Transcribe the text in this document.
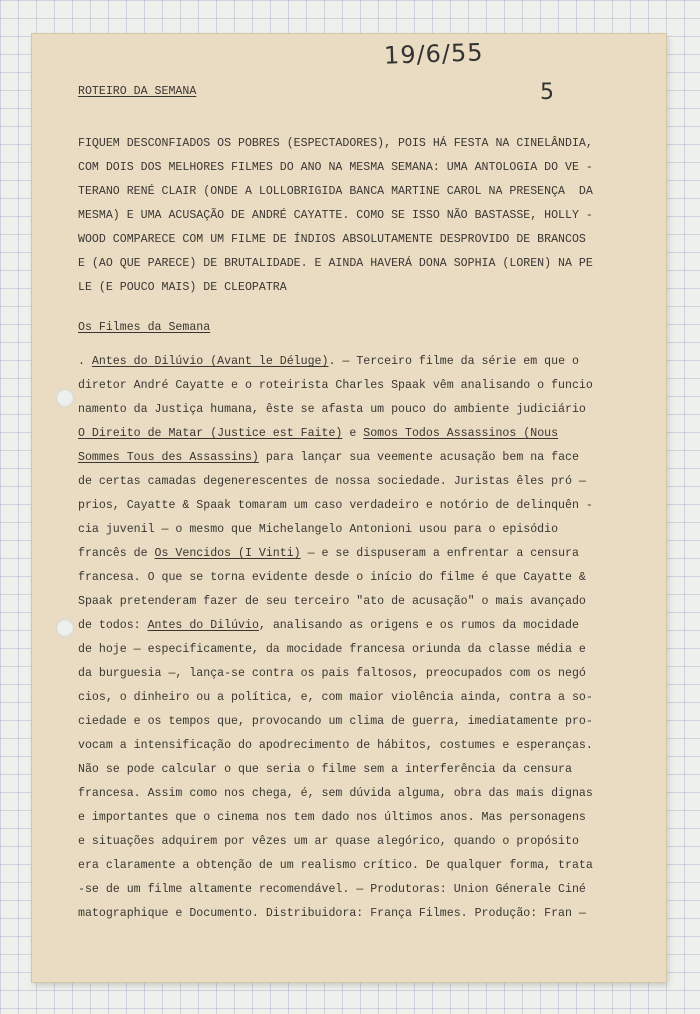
19/6/55
5

ROTEIRO DA SEMANA

FIQUEM DESCONFIADOS OS POBRES (ESPECTADORES), POIS HÁ FESTA NA CINELÂNDIA,

COM DOIS DOS MELHORES FILMES DO ANO NA MESMA SEMANA: UMA ANTOLOGIA DO VE -

TERANO RENÉ CLAIR (ONDE A LOLLOBRIGIDA BANCA MARTINE CAROL NA PRESENÇA  DA

MESMA) E UMA ACUSAÇÃO DE ANDRÉ CAYATTE. COMO SE ISSO NÃO BASTASSE, HOLLY -

WOOD COMPARECE COM UM FILME DE ÍNDIOS ABSOLUTAMENTE DESPROVIDO DE BRANCOS

E (AO QUE PARECE) DE BRUTALIDADE. E AINDA HAVERÁ DONA SOPHIA (LOREN) NA PE

LE (E POUCO MAIS) DE CLEOPATRA

Os Filmes da Semana

. Antes do Dilúvio (Avant le Déluge). — Terceiro filme da série em que o

diretor André Cayatte e o roteirista Charles Spaak vêm analisando o funcio

namento da Justiça humana, êste se afasta um pouco do ambiente judiciário

O Direito de Matar (Justice est Faite) e Somos Todos Assassinos (Nous

Sommes Tous des Assassins) para lançar sua veemente acusação bem na face

de certas camadas degenerescentes de nossa sociedade. Juristas êles pró —

prios, Cayatte & Spaak tomaram um caso verdadeiro e notório de delinquên -

cia juvenil — o mesmo que Michelangelo Antonioni usou para o episódio

francês de Os Vencidos (I Vinti) — e se dispuseram a enfrentar a censura

francesa. O que se torna evidente desde o início do filme é que Cayatte &

Spaak pretenderam fazer de seu terceiro "ato de acusação" o mais avançado

de todos: Antes do Dilúvio, analisando as origens e os rumos da mocidade

de hoje — especificamente, da mocidade francesa oriunda da classe média e

da burguesia —, lança-se contra os pais faltosos, preocupados com os negó

cios, o dinheiro ou a política, e, com maior violência ainda, contra a so-

ciedade e os tempos que, provocando um clima de guerra, imediatamente pro-

vocam a intensificação do apodrecimento de hábitos, costumes e esperanças.

Não se pode calcular o que seria o filme sem a interferência da censura

francesa. Assim como nos chega, é, sem dúvida alguma, obra das mais dignas

e importantes que o cinema nos tem dado nos últimos anos. Mas personagens

e situações adquirem por vêzes um ar quase alegórico, quando o propósito

era claramente a obtenção de um realismo crítico. De qualquer forma, trata

-se de um filme altamente recomendável. — Produtoras: Union Génerale Ciné

matographique e Documento. Distribuidora: França Filmes. Produção: Fran —
